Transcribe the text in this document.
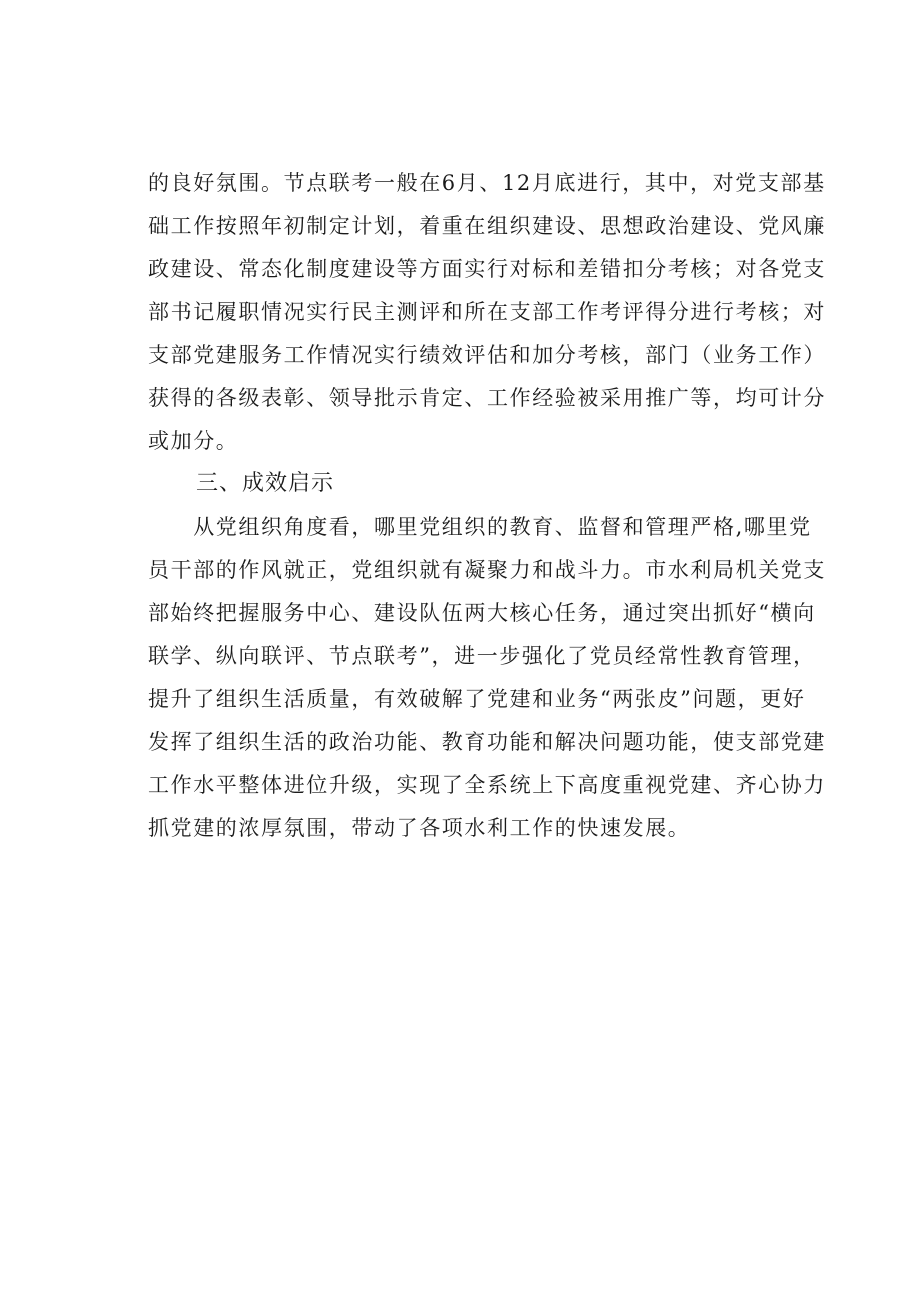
的良好氛围。节点联考一般在6月、12月底进行，其中，对党支部基
础工作按照年初制定计划，着重在组织建设、思想政治建设、党风廉
政建设、常态化制度建设等方面实行对标和差错扣分考核；对各党支
部书记履职情况实行民主测评和所在支部工作考评得分进行考核；对
支部党建服务工作情况实行绩效评估和加分考核，部门（业务工作）
获得的各级表彰、领导批示肯定、工作经验被采用推广等，均可计分
或加分。
三、成效启示
　　从党组织角度看，哪里党组织的教育、监督和管理严格,哪里党
员干部的作风就正，党组织就有凝聚力和战斗力。市水利局机关党支
部始终把握服务中心、建设队伍两大核心任务，通过突出抓好“横向
联学、纵向联评、节点联考”，进一步强化了党员经常性教育管理，
提升了组织生活质量，有效破解了党建和业务“两张皮”问题，更好
发挥了组织生活的政治功能、教育功能和解决问题功能，使支部党建
工作水平整体进位升级，实现了全系统上下高度重视党建、齐心协力
抓党建的浓厚氛围，带动了各项水利工作的快速发展。
